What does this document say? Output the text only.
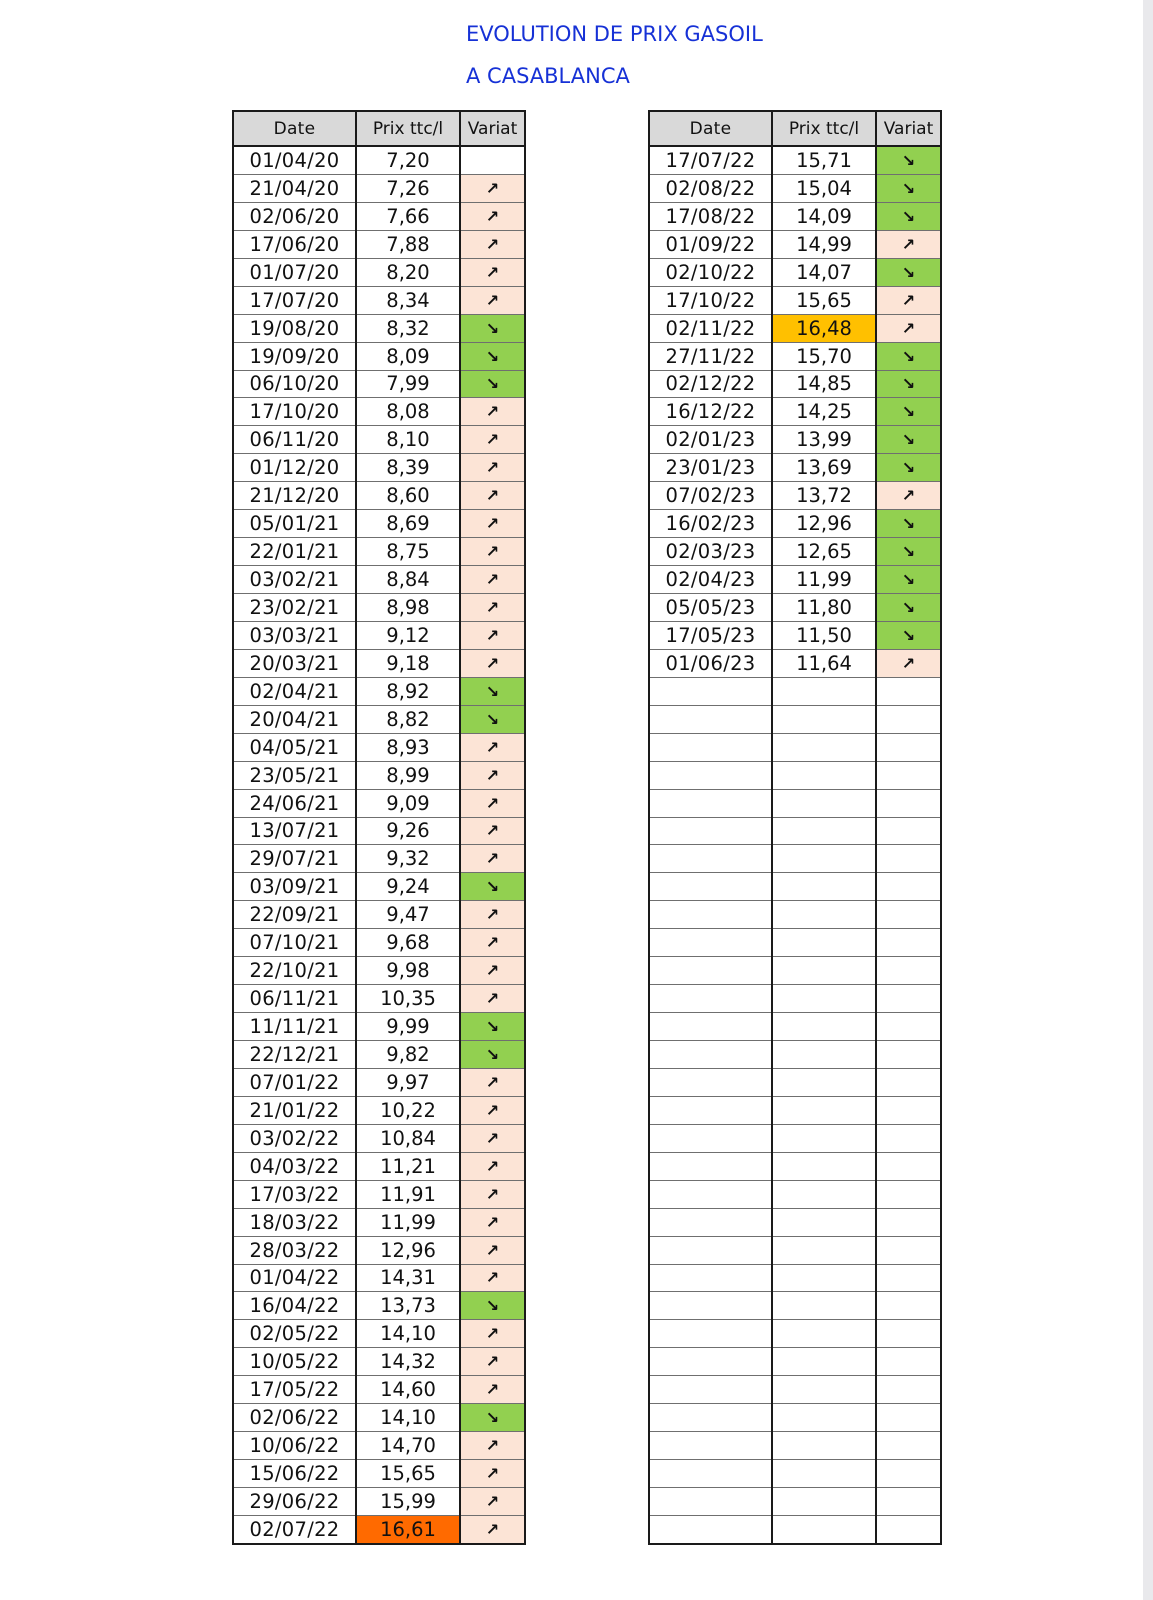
EVOLUTION DE PRIX GASOIL
A CASABLANCA
Date	Prix ttc/l	Variat
01/04/20	7,20	
21/04/20	7,26	↗
02/06/20	7,66	↗
17/06/20	7,88	↗
01/07/20	8,20	↗
17/07/20	8,34	↗
19/08/20	8,32	↘
19/09/20	8,09	↘
06/10/20	7,99	↘
17/10/20	8,08	↗
06/11/20	8,10	↗
01/12/20	8,39	↗
21/12/20	8,60	↗
05/01/21	8,69	↗
22/01/21	8,75	↗
03/02/21	8,84	↗
23/02/21	8,98	↗
03/03/21	9,12	↗
20/03/21	9,18	↗
02/04/21	8,92	↘
20/04/21	8,82	↘
04/05/21	8,93	↗
23/05/21	8,99	↗
24/06/21	9,09	↗
13/07/21	9,26	↗
29/07/21	9,32	↗
03/09/21	9,24	↘
22/09/21	9,47	↗
07/10/21	9,68	↗
22/10/21	9,98	↗
06/11/21	10,35	↗
11/11/21	9,99	↘
22/12/21	9,82	↘
07/01/22	9,97	↗
21/01/22	10,22	↗
03/02/22	10,84	↗
04/03/22	11,21	↗
17/03/22	11,91	↗
18/03/22	11,99	↗
28/03/22	12,96	↗
01/04/22	14,31	↗
16/04/22	13,73	↘
02/05/22	14,10	↗
10/05/22	14,32	↗
17/05/22	14,60	↗
02/06/22	14,10	↘
10/06/22	14,70	↗
15/06/22	15,65	↗
29/06/22	15,99	↗
02/07/22	16,61	↗
Date	Prix ttc/l	Variat
17/07/22	15,71	↘
02/08/22	15,04	↘
17/08/22	14,09	↘
01/09/22	14,99	↗
02/10/22	14,07	↘
17/10/22	15,65	↗
02/11/22	16,48	↗
27/11/22	15,70	↘
02/12/22	14,85	↘
16/12/22	14,25	↘
02/01/23	13,99	↘
23/01/23	13,69	↘
07/02/23	13,72	↗
16/02/23	12,96	↘
02/03/23	12,65	↘
02/04/23	11,99	↘
05/05/23	11,80	↘
17/05/23	11,50	↘
01/06/23	11,64	↗
